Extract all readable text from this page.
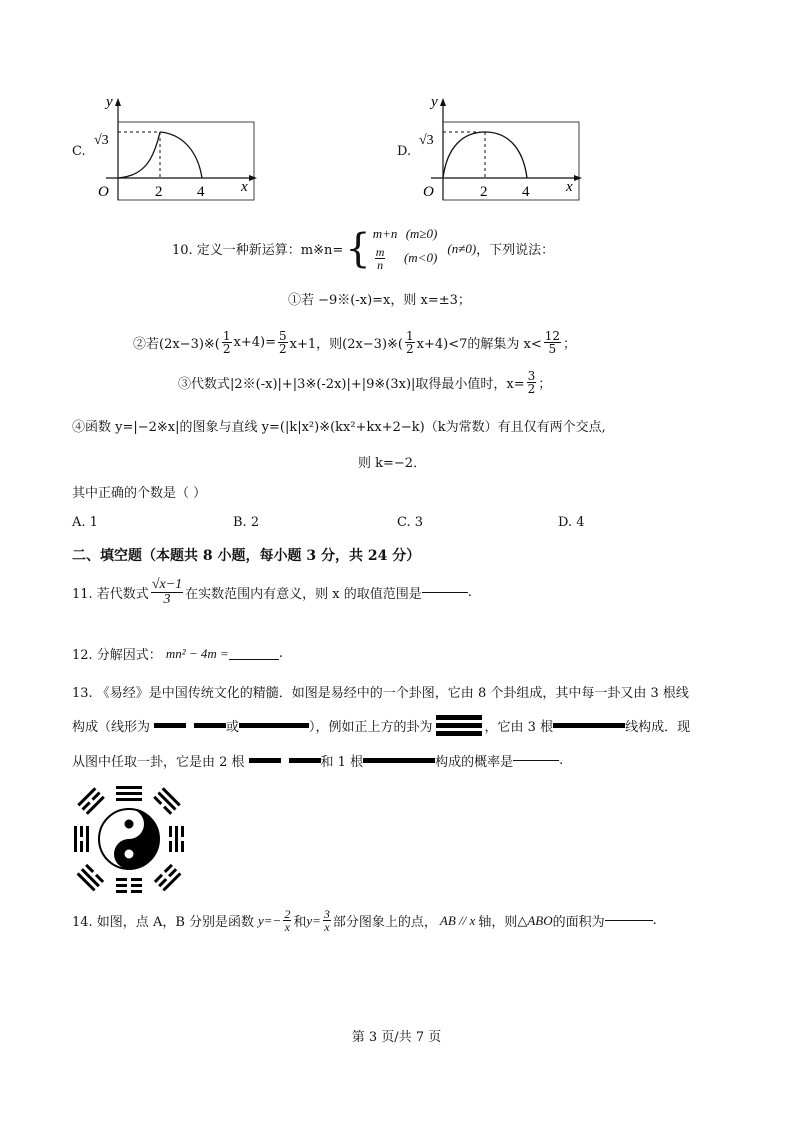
C.
y
x
O
√3
2 4
D.
y
x
O
√3
2 4
10. 定义一种新运算：m※n= { m+n (m≥0)
$\frac{m}{n} (m<0)$
(n≠0) ，下列说法：
①若 −9※(-x)=x，则 x=±3；
②若(2x−3)※( $\frac{1}{2} x+4)= \frac{5}{2} x+1$，则(2x−3)※( $\frac{1}{2} x+4)<7$的解集为 $x< \frac{12}{5}$ ；
③代数式|2※(-x)|+|3※(-2x)|+|9※(3x)|取得最小值时，$x= \frac{3}{2}$ ；
④函数 y=|−2※x|的图象与直线 y=(|k|x²)※(kx²+kx+2−k)（k为常数）有且仅有两个交点,
则 k=−2．
其中正确的个数是（ ）
A. 1	B. 2	C. 3	D. 4
二、填空题（本题共 8 小题，每小题 3 分，共 24 分）
11. 若代数式 $\frac{√x-1}{3}$ 在实数范围内有意义，则 x 的取值范围是	.
12. 分解因式： mn² − 4m =	.
13. 《易经》是中国传统文化的精髓．如图是易经中的一个卦图，它由 8 个卦组成，其中每一卦又由 3 根线
构成（线形为	或	），例如正上方的卦为	，它由 3 根	线构成．现
从图中任取一卦，它是由 2 根	和 1 根	构成的概率是	.
14. 如图，点 A，B 分别是函数 $y=- \frac{2}{x}$ 和 $y= \frac{3}{x}$ 部分图象上的点， AB // x 轴，则 △ABO 的面积为	.
第 3 页/共 7 页
